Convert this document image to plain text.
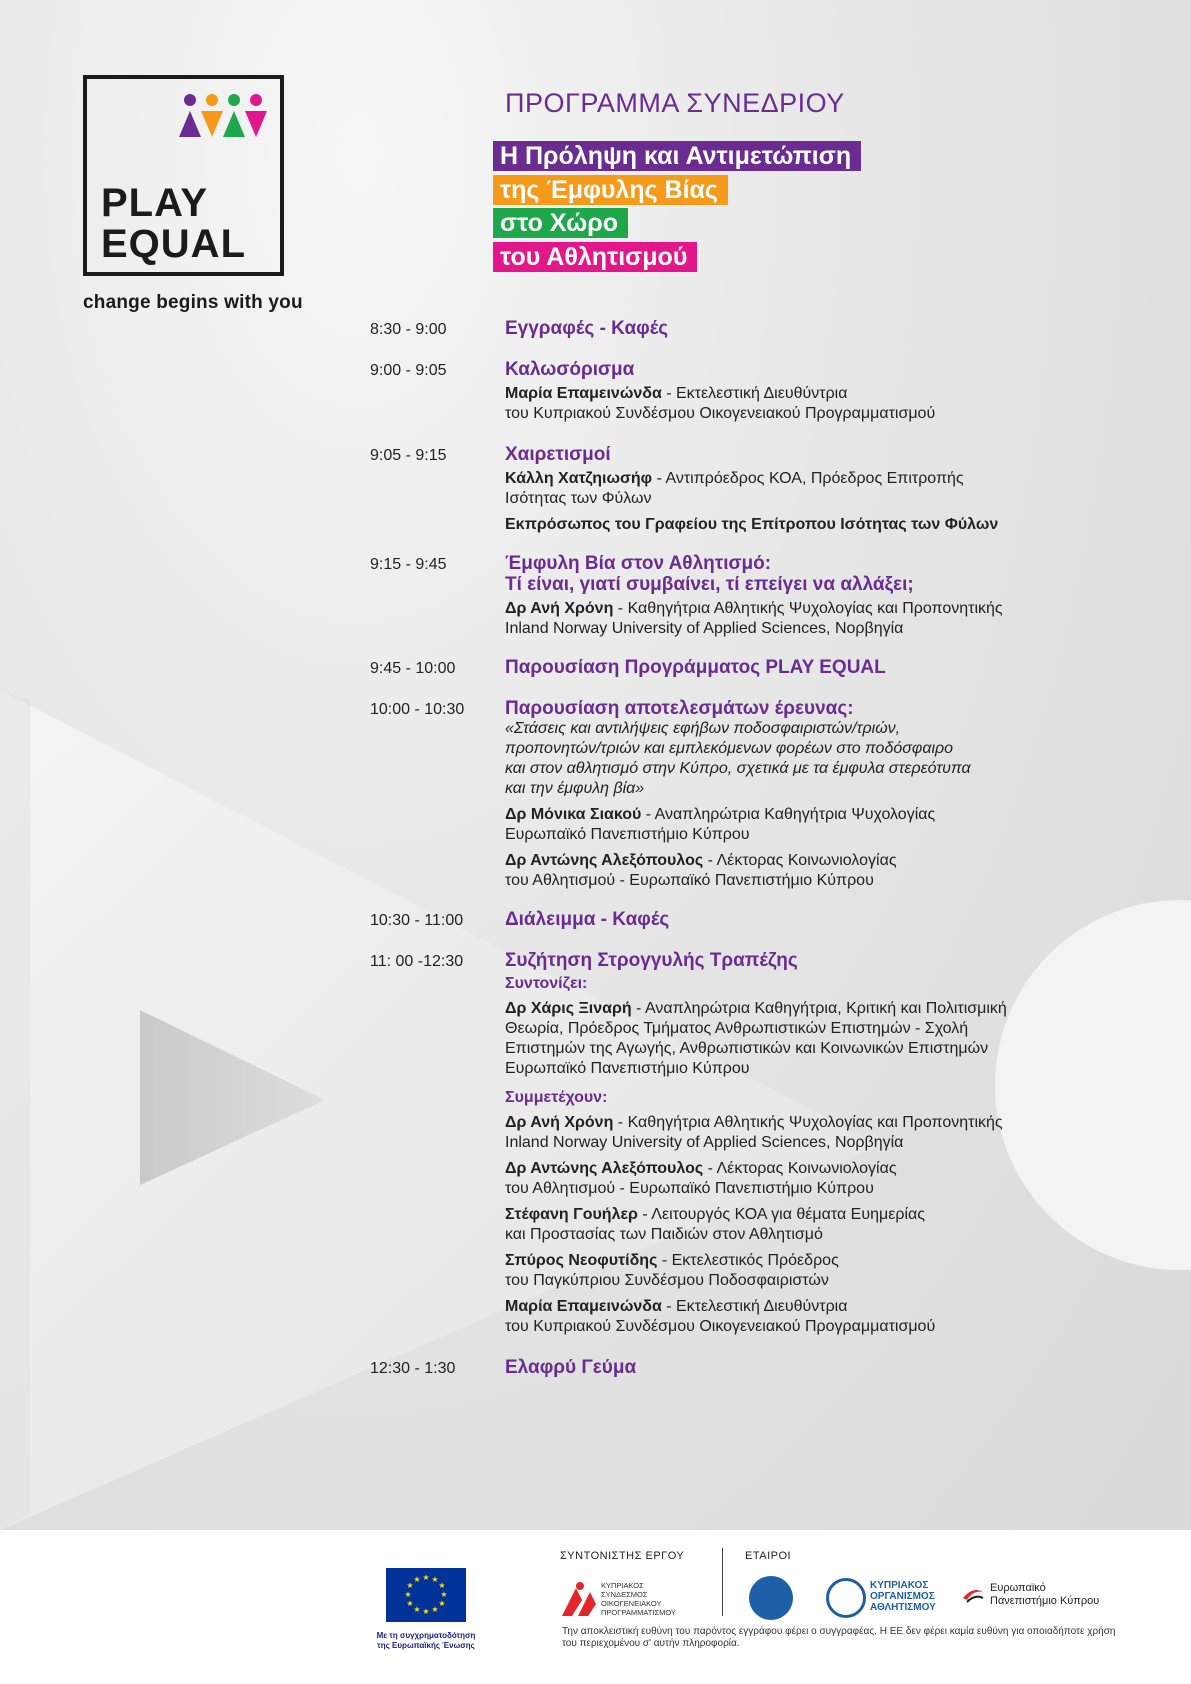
PLAY
EQUAL
change begins with you
ΠΡΟΓΡΑΜΜΑ ΣΥΝΕΔΡΙΟΥ
Η Πρόληψη και Αντιμετώπιση
της Έμφυλης Βίας
στο Χώρο
του Αθλητισμού
8:30 - 9:00	Εγγραφές - Καφές
9:00 - 9:05	Καλωσόρισμα
Μαρία Επαμεινώνδα - Εκτελεστική Διευθύντρια
του Κυπριακού Συνδέσμου Οικογενειακού Προγραμματισμού
9:05 - 9:15	Χαιρετισμοί
Κάλλη Χατζηιωσήφ - Αντιπρόεδρος ΚΟΑ, Πρόεδρος Επιτροπής
Ισότητας των Φύλων
Εκπρόσωπος του Γραφείου της Επίτροπου Ισότητας των Φύλων
9:15 - 9:45	Έμφυλη Βία στον Αθλητισμό:
Τί είναι, γιατί συμβαίνει, τί επείγει να αλλάξει;
Δρ Ανή Χρόνη - Καθηγήτρια Αθλητικής Ψυχολογίας και Προπονητικής
Inland Norway University of Applied Sciences, Νορβηγία
9:45 - 10:00	Παρουσίαση Προγράμματος PLAY EQUAL
10:00 - 10:30	Παρουσίαση αποτελεσμάτων έρευνας:
«Στάσεις και αντιλήψεις εφήβων ποδοσφαιριστών/τριών,
προπονητών/τριών και εμπλεκόμενων φορέων στο ποδόσφαιρο
και στον αθλητισμό στην Κύπρο, σχετικά με τα έμφυλα στερεότυπα
και την έμφυλη βία»
Δρ Μόνικα Σιακού - Αναπληρώτρια Καθηγήτρια Ψυχολογίας
Ευρωπαϊκό Πανεπιστήμιο Κύπρου
Δρ Αντώνης Αλεξόπουλος - Λέκτορας Κοινωνιολογίας
του Αθλητισμού - Ευρωπαϊκό Πανεπιστήμιο Κύπρου
10:30 - 11:00	Διάλειμμα - Καφές
11: 00 -12:30	Συζήτηση Στρογγυλής Τραπέζης
Συντονίζει:
Δρ Χάρις Ξιναρή - Αναπληρώτρια Καθηγήτρια, Κριτική και Πολιτισμική
Θεωρία, Πρόεδρος Τμήματος Ανθρωπιστικών Επιστημών - Σχολή
Επιστημών της Αγωγής, Ανθρωπιστικών και Κοινωνικών Επιστημών
Ευρωπαϊκό Πανεπιστήμιο Κύπρου
Συμμετέχουν:
Δρ Ανή Χρόνη - Καθηγήτρια Αθλητικής Ψυχολογίας και Προπονητικής
Inland Norway University of Applied Sciences, Νορβηγία
Δρ Αντώνης Αλεξόπουλος - Λέκτορας Κοινωνιολογίας
του Αθλητισμού - Ευρωπαϊκό Πανεπιστήμιο Κύπρου
Στέφανη Γουήλερ - Λειτουργός ΚΟΑ για θέματα Ευημερίας
και Προστασίας των Παιδιών στον Αθλητισμό
Σπύρος Νεοφυτίδης - Εκτελεστικός Πρόεδρος
του Παγκύπριου Συνδέσμου Ποδοσφαιριστών
Μαρία Επαμεινώνδα - Εκτελεστική Διευθύντρια
του Κυπριακού Συνδέσμου Οικογενειακού Προγραμματισμού
12:30 - 1:30	Ελαφρύ Γεύμα
★ ★
★
★
★
★
★
★
★
★
★
★
Με τη συγχρηματοδότηση
της Ευρωπαϊκής Ένωσης
ΣΥΝΤΟΝΙΣΤΗΣ ΕΡΓΟΥ	ΕΤΑΙΡΟΙ
ΚΥΠΡΙΑΚΟΣ
ΣΥΝΔΕΣΜΟΣ
ΟΙΚΟΓΕΝΕΙΑΚΟΥ
ΠΡΟΓΡΑΜΜΑΤΙΣΜΟΥ
ΚΥΠΡΙΑΚΟΣ
ΟΡΓΑΝΙΣΜΟΣ
ΑΘΛΗΤΙΣΜΟΥ
Ευρωπαϊκό
Πανεπιστήμιο Κύπρου
Την αποκλειστική ευθύνη του παρόντος εγγράφου φέρει ο συγγραφέας. Η ΕΕ δεν φέρει καμία ευθύνη για οποιαδήποτε χρήση του περιεχομένου σ' αυτήν πληροφορία.
